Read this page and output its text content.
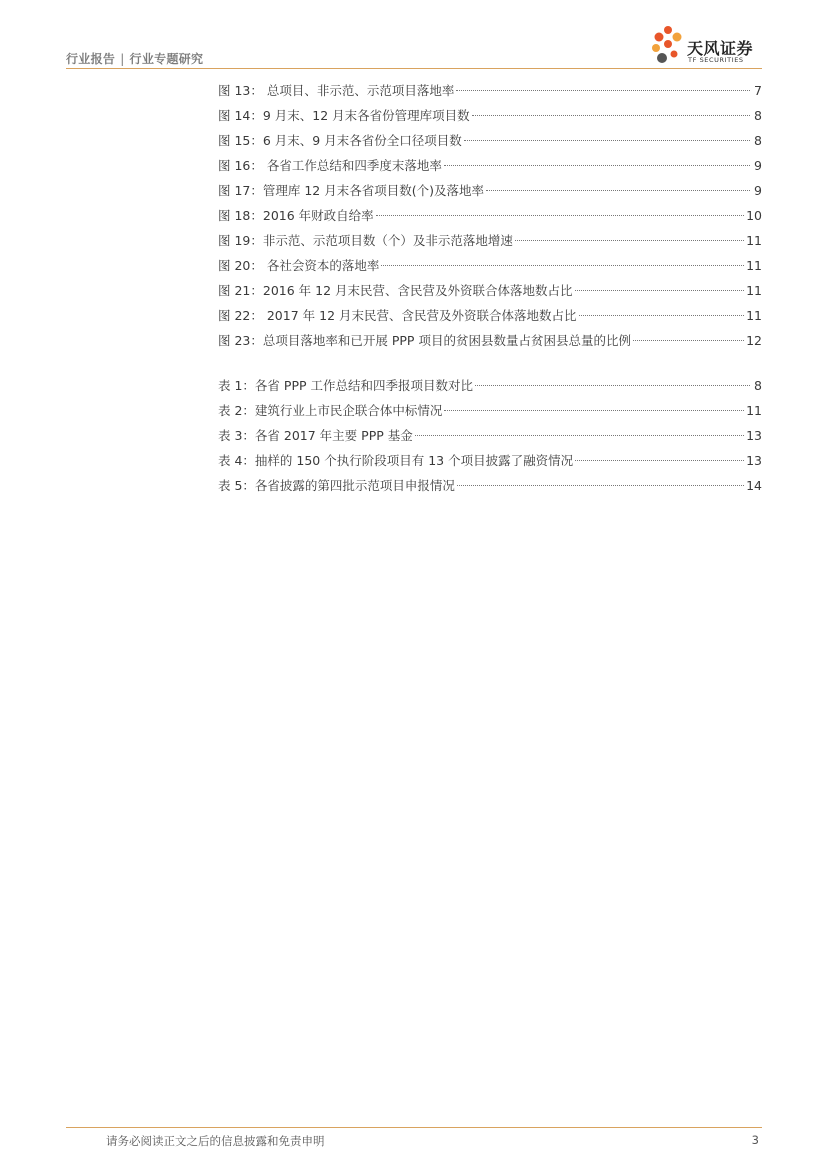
行业报告 | 行业专题研究
天风证券
TF SECURITIES
图 13： 总项目、非示范、示范项目落地率	7
图 14：9 月末、12 月末各省份管理库项目数	8
图 15：6 月末、9 月末各省份全口径项目数	8
图 16： 各省工作总结和四季度末落地率	9
图 17：管理库 12 月末各省项目数(个)及落地率	9
图 18：2016 年财政自给率	10
图 19：非示范、示范项目数（个）及非示范落地增速	11
图 20： 各社会资本的落地率	11
图 21：2016 年 12 月末民营、含民营及外资联合体落地数占比	11
图 22： 2017 年 12 月末民营、含民营及外资联合体落地数占比	11
图 23：总项目落地率和已开展 PPP 项目的贫困县数量占贫困县总量的比例	12
表 1：各省 PPP 工作总结和四季报项目数对比	8
表 2：建筑行业上市民企联合体中标情况	11
表 3：各省 2017 年主要 PPP 基金	13
表 4：抽样的 150 个执行阶段项目有 13 个项目披露了融资情况	13
表 5：各省披露的第四批示范项目申报情况	14
请务必阅读正文之后的信息披露和免责申明	3
